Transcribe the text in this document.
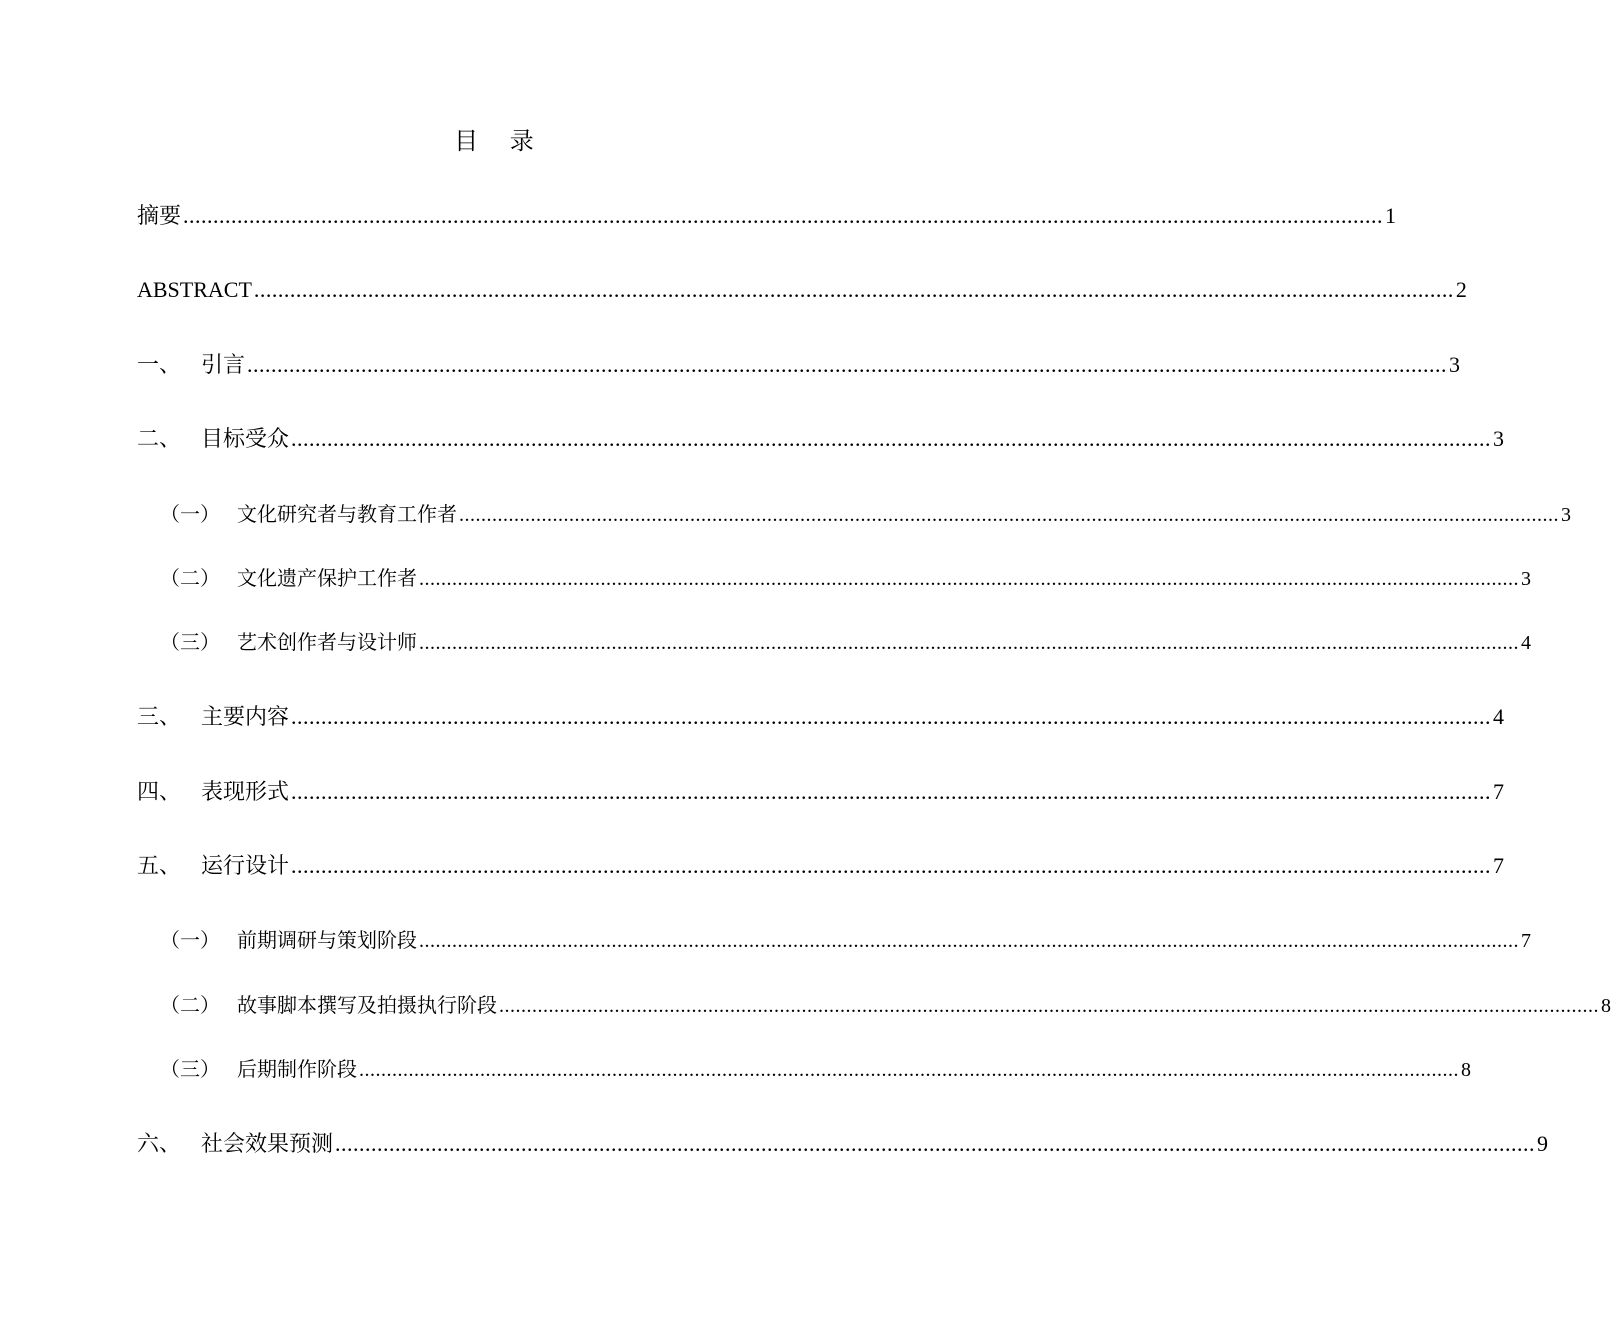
目 录
摘要 ........................................................................................................................................................................................................ 1
ABSTRACT ........................................................................................................................................................................................................ 2
一、 引言 ........................................................................................................................................................................................................ 3
二、 目标受众 ........................................................................................................................................................................................................ 3
（一） 文化研究者与教育工作者 ........................................................................................................................................................................................................ 3
（二） 文化遗产保护工作者 ........................................................................................................................................................................................................ 3
（三） 艺术创作者与设计师 ........................................................................................................................................................................................................ 4
三、 主要内容 ........................................................................................................................................................................................................ 4
四、 表现形式 ........................................................................................................................................................................................................ 7
五、 运行设计 ........................................................................................................................................................................................................ 7
（一） 前期调研与策划阶段 ........................................................................................................................................................................................................ 7
（二） 故事脚本撰写及拍摄执行阶段 ........................................................................................................................................................................................................ 8
（三） 后期制作阶段 ........................................................................................................................................................................................................ 8
六、 社会效果预测 ........................................................................................................................................................................................................ 9
